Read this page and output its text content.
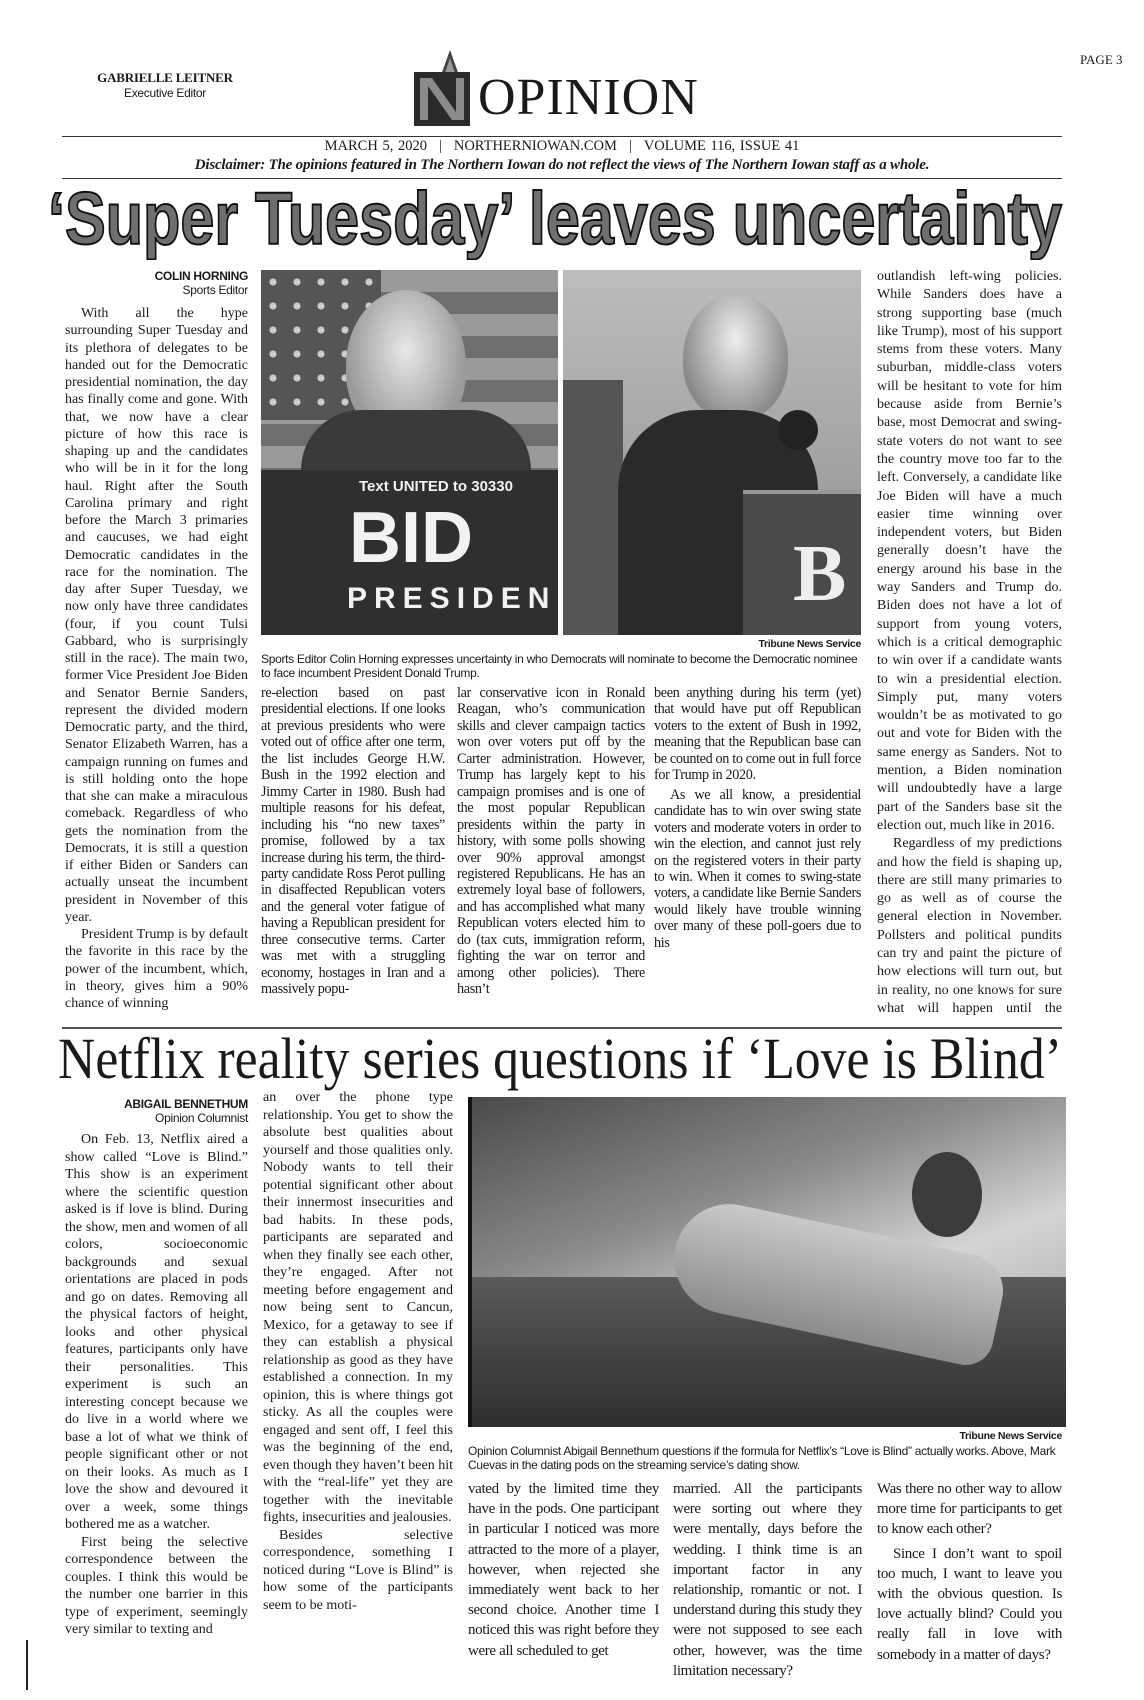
GABRIELLE LEITNER
Executive Editor	OPINION
PAGE 3
MARCH 5, 2020 | NORTHERNIOWAN.COM | VOLUME 116, ISSUE 41
Disclaimer: The opinions featured in The Northern Iowan do not reflect the views of The Northern Iowan staff as a whole.
‘Super Tuesday’ leaves uncertainty
COLIN HORNING
Sports Editor

With all the hype surrounding Super Tuesday and its plethora of delegates to be handed out for the Democratic presidential nomination, the day has finally come and gone. With that, we now have a clear picture of how this race is shaping up and the candidates who will be in it for the long haul. Right after the South Carolina primary and right before the March 3 primaries and caucuses, we had eight Democratic candidates in the race for the nomination. The day after Super Tuesday, we now only have three candidates (four, if you count Tulsi Gabbard, who is surprisingly still in the race). The main two, former Vice President Joe Biden and Senator Bernie Sanders, represent the divided modern Democratic party, and the third, Senator Elizabeth Warren, has a campaign running on fumes and is still holding onto the hope that she can make a miraculous comeback. Regardless of who gets the nomination from the Democrats, it is still a question if either Biden or Sanders can actually unseat the incumbent president in November of this year.

President Trump is by default the favorite in this race by the power of the incumbent, which, in theory, gives him a 90% chance of winning

Text UNITED to 30330
BID
PRESIDEN	B
Tribune News Service
Sports Editor Colin Horning expresses uncertainty in who Democrats will nominate to become the Democratic nominee to face incumbent President Donald Trump.

re-election based on past presidential elections. If one looks at previous presidents who were voted out of office after one term, the list includes George H.W. Bush in the 1992 election and Jimmy Carter in 1980. Bush had multiple reasons for his defeat, including his “no new taxes” promise, followed by a tax increase during his term, the third-party candidate Ross Perot pulling in disaffected Republican voters and the general voter fatigue of having a Republican president for three consecutive terms. Carter was met with a struggling economy, hostages in Iran and a massively popu-

lar conservative icon in Ronald Reagan, who’s communication skills and clever campaign tactics won over voters put off by the Carter administration. However, Trump has largely kept to his campaign promises and is one of the most popular Republican presidents within the party in history, with some polls showing over 90% approval amongst registered Republicans. He has an extremely loyal base of followers, and has accomplished what many Republican voters elected him to do (tax cuts, immigration reform, fighting the war on terror and among other policies). There hasn’t

been anything during his term (yet) that would have put off Republican voters to the extent of Bush in 1992, meaning that the Republican base can be counted on to come out in full force for Trump in 2020.

As we all know, a presidential candidate has to win over swing state voters and moderate voters in order to win the election, and cannot just rely on the registered voters in their party to win. When it comes to swing-state voters, a candidate like Bernie Sanders would likely have trouble winning over many of these poll-goers due to his

outlandish left-wing policies. While Sanders does have a strong supporting base (much like Trump), most of his support stems from these voters. Many suburban, middle-class voters will be hesitant to vote for him because aside from Bernie’s base, most Democrat and swing-state voters do not want to see the country move too far to the left. Conversely, a candidate like Joe Biden will have a much easier time winning over independent voters, but Biden generally doesn’t have the energy around his base in the way Sanders and Trump do. Biden does not have a lot of support from young voters, which is a critical demographic to win over if a candidate wants to win a presidential election. Simply put, many voters wouldn’t be as motivated to go out and vote for Biden with the same energy as Sanders. Not to mention, a Biden nomination will undoubtedly have a large part of the Sanders base sit the election out, much like in 2016.

Regardless of my predictions and how the field is shaping up, there are still many primaries to go as well as of course the general election in November. Pollsters and political pundits can try and paint the picture of how elections will turn out, but in reality, no one knows for sure what will happen until the

Netflix reality series questions if ‘Love is Blind’
ABIGAIL BENNETHUM
Opinion Columnist

On Feb. 13, Netflix aired a show called “Love is Blind.” This show is an experiment where the scientific question asked is if love is blind. During the show, men and women of all colors, socioeconomic backgrounds and sexual orientations are placed in pods and go on dates. Removing all the physical factors of height, looks and other physical features, participants only have their personalities. This experiment is such an interesting concept because we do live in a world where we base a lot of what we think of people significant other or not on their looks. As much as I love the show and devoured it over a week, some things bothered me as a watcher.

First being the selective correspondence between the couples. I think this would be the number one barrier in this type of experiment, seemingly very similar to texting and

an over the phone type relationship. You get to show the absolute best qualities about yourself and those qualities only. Nobody wants to tell their potential significant other about their innermost insecurities and bad habits. In these pods, participants are separated and when they finally see each other, they’re engaged. After not meeting before engagement and now being sent to Cancun, Mexico, for a getaway to see if they can establish a physical relationship as good as they have established a connection. In my opinion, this is where things got sticky. As all the couples were engaged and sent off, I feel this was the beginning of the end, even though they haven’t been hit with the “real-life” yet they are together with the inevitable fights, insecurities and jealousies.

Besides selective correspondence, something I noticed during “Love is Blind” is how some of the participants seem to be moti-

Tribune News Service
Opinion Columnist Abigail Bennethum questions if the formula for Netflix’s “Love is Blind” actually works. Above, Mark Cuevas in the dating pods on the streaming service’s dating show.

vated by the limited time they have in the pods. One participant in particular I noticed was more attracted to the more of a player, however, when rejected she immediately went back to her second choice. Another time I noticed this was right before they were all scheduled to get

married. All the participants were sorting out where they were mentally, days before the wedding. I think time is an important factor in any relationship, romantic or not. I understand during this study they were not supposed to see each other, however, was the time limitation necessary?

Was there no other way to allow more time for participants to get to know each other?

Since I don’t want to spoil too much, I want to leave you with the obvious question. Is love actually blind? Could you really fall in love with somebody in a matter of days?
